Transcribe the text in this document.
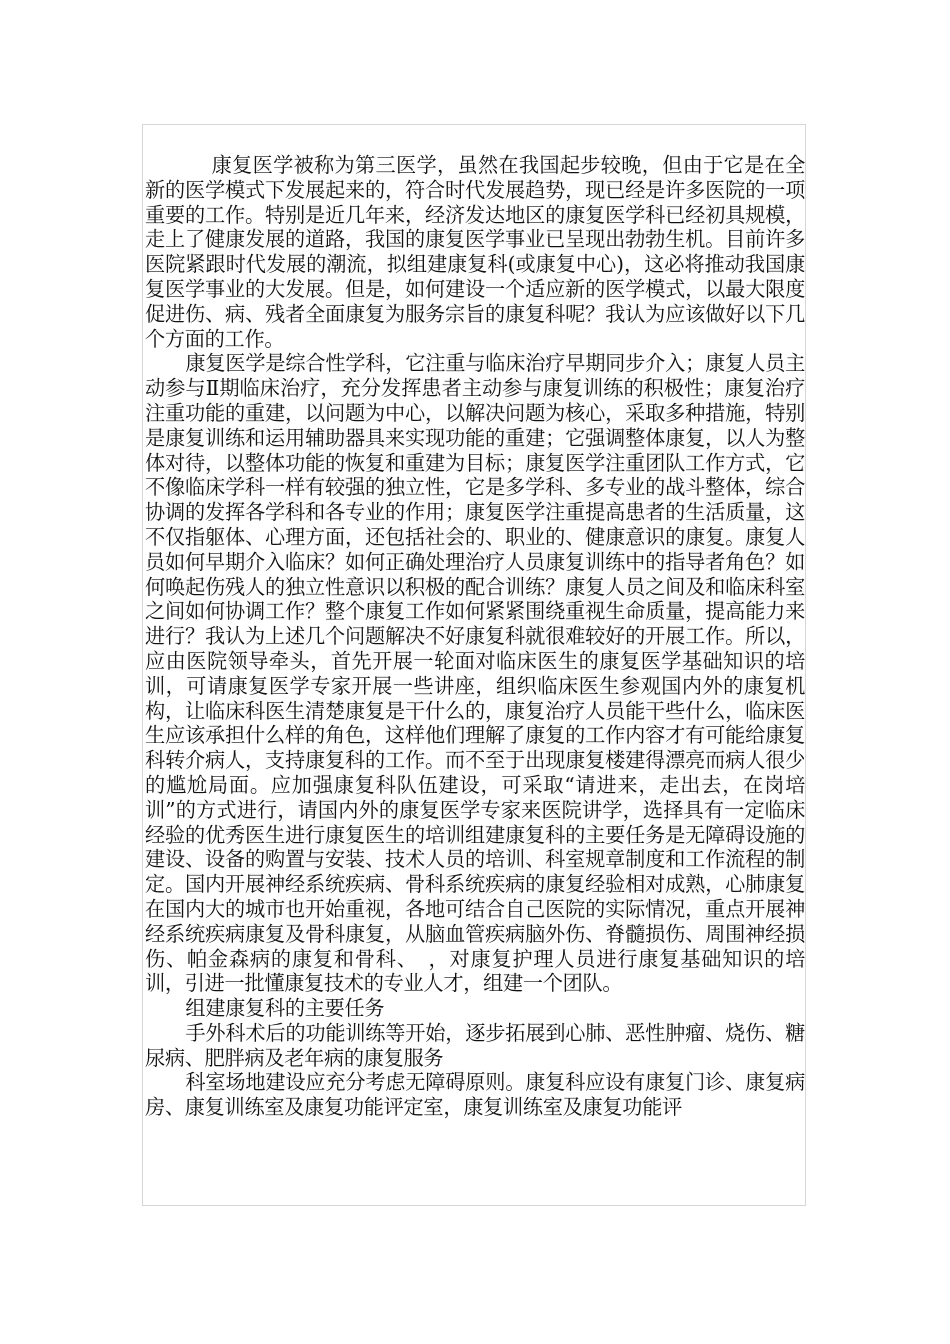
康复医学被称为第三医学，虽然在我国起步较晚，但由于它是在全新的医学模式下发展起来的，符合时代发展趋势，现已经是许多医院的一项重要的工作。特别是近几年来，经济发达地区的康复医学科已经初具规模，走上了健康发展的道路，我国的康复医学事业已呈现出勃勃生机。目前许多医院紧跟时代发展的潮流，拟组建康复科(或康复中心)，这必将推动我国康复医学事业的大发展。但是，如何建设一个适应新的医学模式，以最大限度促进伤、病、残者全面康复为服务宗旨的康复科呢？我认为应该做好以下几个方面的工作。

康复医学是综合性学科，它注重与临床治疗早期同步介入；康复人员主动参与Ⅱ期临床治疗，充分发挥患者主动参与康复训练的积极性；康复治疗注重功能的重建，以问题为中心，以解决问题为核心，采取多种措施，特别是康复训练和运用辅助器具来实现功能的重建；它强调整体康复，以人为整体对待，以整体功能的恢复和重建为目标；康复医学注重团队工作方式，它不像临床学科一样有较强的独立性，它是多学科、多专业的战斗整体，综合协调的发挥各学科和各专业的作用；康复医学注重提高患者的生活质量，这不仅指躯体、心理方面，还包括社会的、职业的、健康意识的康复。康复人员如何早期介入临床？如何正确处理治疗人员康复训练中的指导者角色？如何唤起伤残人的独立性意识以积极的配合训练？康复人员之间及和临床科室之间如何协调工作？整个康复工作如何紧紧围绕重视生命质量，提高能力来进行？我认为上述几个问题解决不好康复科就很难较好的开展工作。所以，应由医院领导牵头，首先开展一轮面对临床医生的康复医学基础知识的培训，可请康复医学专家开展一些讲座，组织临床医生参观国内外的康复机构，让临床科医生清楚康复是干什么的，康复治疗人员能干些什么，临床医生应该承担什么样的角色，这样他们理解了康复的工作内容才有可能给康复科转介病人，支持康复科的工作。而不至于出现康复楼建得漂亮而病人很少的尴尬局面。应加强康复科队伍建设，可采取“请进来，走出去，在岗培训”的方式进行，请国内外的康复医学专家来医院讲学，选择具有一定临床经验的优秀医生进行康复医生的培训组建康复科的主要任务是无障碍设施的建设、设备的购置与安装、技术人员的培训、科室规章制度和工作流程的制定。国内开展神经系统疾病、骨科系统疾病的康复经验相对成熟，心肺康复在国内大的城市也开始重视，各地可结合自己医院的实际情况，重点开展神经系统疾病康复及骨科康复，从脑血管疾病脑外伤、脊髓损伤、周围神经损伤、帕金森病的康复和骨科、　，对康复护理人员进行康复基础知识的培训，引进一批懂康复技术的专业人才，组建一个团队。

组建康复科的主要任务

手外科术后的功能训练等开始，逐步拓展到心肺、恶性肿瘤、烧伤、糖尿病、肥胖病及老年病的康复服务

科室场地建设应充分考虑无障碍原则。康复科应设有康复门诊、康复病房、康复训练室及康复功能评定室，康复训练室及康复功能评
